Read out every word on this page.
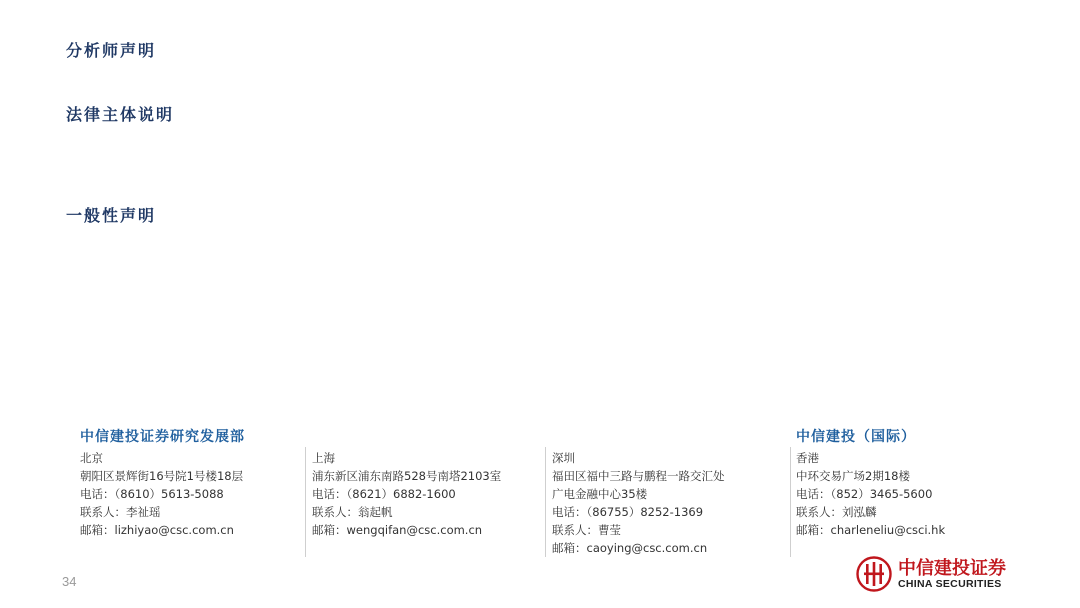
分析师声明
法律主体说明
一般性声明
中信建投证券研究发展部	中信建投（国际）
北京
朝阳区景辉街16号院1号楼18层
电话：（8610）5613-5088
联系人：李祉瑶
邮箱：lizhiyao@csc.com.cn
上海
浦东新区浦东南路528号南塔2103室
电话：（8621）6882-1600
联系人：翁起帆
邮箱：wengqifan@csc.com.cn
深圳
福田区福中三路与鹏程一路交汇处
广电金融中心35楼
电话：（86755）8252-1369
联系人：曹莹
邮箱：caoying@csc.com.cn
香港
中环交易广场2期18楼
电话：（852）3465-5600
联系人：刘泓麟
邮箱：charleneliu@csci.hk
34
中信建投证券
CHINA SECURITIES
